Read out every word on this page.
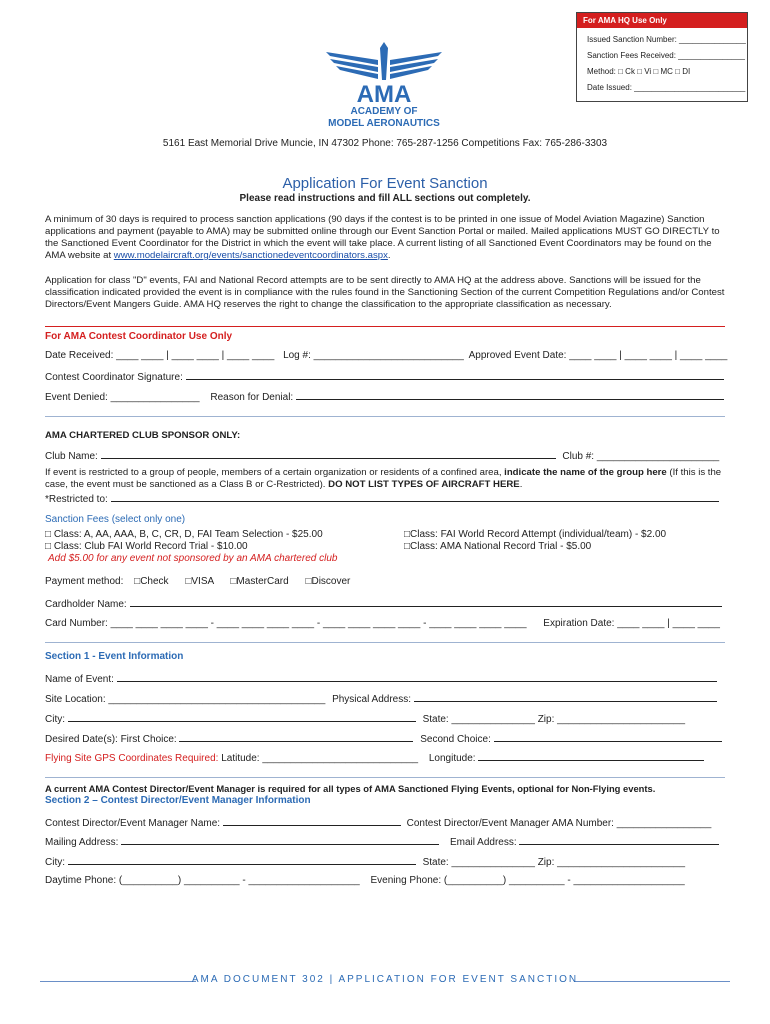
For AMA HQ Use Only
Issued Sanction Number: _______________
Sanction Fees Received: _______________
Method: □ Ck □ Vi □ MC □ DI
Date Issued: _________________________
AMA
ACADEMY OF
MODEL AERONAUTICS
5161 East Memorial Drive Muncie, IN 47302 Phone: 765-287-1256 Competitions Fax: 765-286-3303
Application For Event Sanction
Please read instructions and fill ALL sections out completely.
A minimum of 30 days is required to process sanction applications (90 days if the contest is to be printed in one issue of Model Aviation Magazine) Sanction applications and payment (payable to AMA) may be submitted online through our Event Sanction Portal or mailed. Mailed applications MUST GO DIRECTLY to the Sanctioned Event Coordinator for the District in which the event will take place. A current listing of all Sanctioned Event Coordinators may be found on the AMA website at www.modelaircraft.org/events/sanctionedeventcoordinators.aspx.
Application for class "D" events, FAI and National Record attempts are to be sent directly to AMA HQ at the address above. Sanctions will be issued for the classification indicated provided the event is in compliance with the rules found in the Sanctioning Section of the current Competition Regulations and/or Contest Directors/Event Mangers Guide. AMA HQ reserves the right to change the classification to the appropriate classification as necessary.
For AMA Contest Coordinator Use Only
Date Received: ____ ____ | ____ ____ | ____ ____ Log #: ___________________________ Approved Event Date: ____ ____ | ____ ____ | ____ ____
Contest Coordinator Signature:
Event Denied: ________________ Reason for Denial:
AMA CHARTERED CLUB SPONSOR ONLY:
Club Name:	Club #: ______________________
If event is restricted to a group of people, members of a certain organization or residents of a confined area, indicate the name of the group here (If this is the case, the event must be sanctioned as a Class B or C-Restricted). DO NOT LIST TYPES OF AIRCRAFT HERE.
*Restricted to:
Sanction Fees (select only one)
□ Class: A, AA, AAA, B, C, CR, D, FAI Team Selection - $25.00
□ Class: Club FAI World Record Trial - $10.00
Add $5.00 for any event not sponsored by an AMA chartered club
□Class: FAI World Record Attempt (individual/team) - $2.00
□Class: AMA National Record Trial - $5.00
Payment method: □Check □VISA □MasterCard □Discover
Cardholder Name:
Card Number: ____ ____ ____ ____ - ____ ____ ____ ____ - ____ ____ ____ ____ - ____ ____ ____ ____ Expiration Date: ____ ____ | ____ ____
Section 1 - Event Information
Name of Event:
Site Location: _______________________________________ Physical Address:
City:	State: _______________ Zip: _______________________
Desired Date(s): First Choice:	Second Choice:
Flying Site GPS Coordinates Required: Latitude: ____________________________ Longitude:
A current AMA Contest Director/Event Manager is required for all types of AMA Sanctioned Flying Events, optional for Non-Flying events.
Section 2 – Contest Director/Event Manager Information
Contest Director/Event Manager Name:	Contest Director/Event Manager AMA Number: _________________
Mailing Address:	Email Address:
City:	State: _______________ Zip: _______________________
Daytime Phone: (__________) __________ - ____________________ Evening Phone: (__________) __________ - ____________________
AMA DOCUMENT 302 | APPLICATION FOR EVENT SANCTION
